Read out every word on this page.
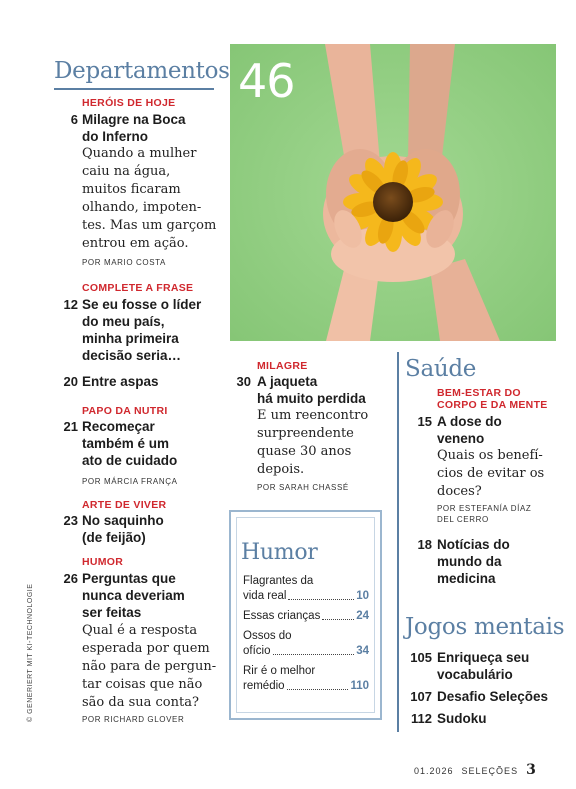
Departamentos
HERÓIS DE HOJE
6 Milagre na Boca
do Inferno
Quando a mulher
caiu na água,
muitos ficaram
olhando, impoten-
tes. Mas um garçom
entrou em ação.
POR MARIO COSTA
COMPLETE A FRASE
12 Se eu fosse o líder
do meu país,
minha primeira
decisão seria…
20 Entre aspas
PAPO DA NUTRI
21 Recomeçar
também é um
ato de cuidado
POR MÁRCIA FRANÇA
ARTE DE VIVER
23 No saquinho
(de feijão)
HUMOR
26 Perguntas que
nunca deveriam
ser feitas
Qual é a resposta
esperada por quem
não para de pergun-
tar coisas que não
são da sua conta?
POR RICHARD GLOVER
© GENERIERT MIT KI-TECHNOLOGIE
46
MILAGRE
30 A jaqueta
há muito perdida
E um reencontro
surpreendente
quase 30 anos
depois.
POR SARAH CHASSÉ
Humor
Flagrantes da
vida real	10
Essas crianças	24
Ossos do
ofício	34
Rir é o melhor
remédio	110
Saúde
BEM-ESTAR DO
CORPO E DA MENTE
15 A dose do
veneno
Quais os benefí-
cios de evitar os
doces?
POR ESTEFANÍA DÍAZ
DEL CERRO
18 Notícias do
mundo da
medicina
Jogos mentais
105 Enriqueça seu
vocabulário
107 Desafio Seleções
112 Sudoku
01.2026 SELEÇÕES 3
